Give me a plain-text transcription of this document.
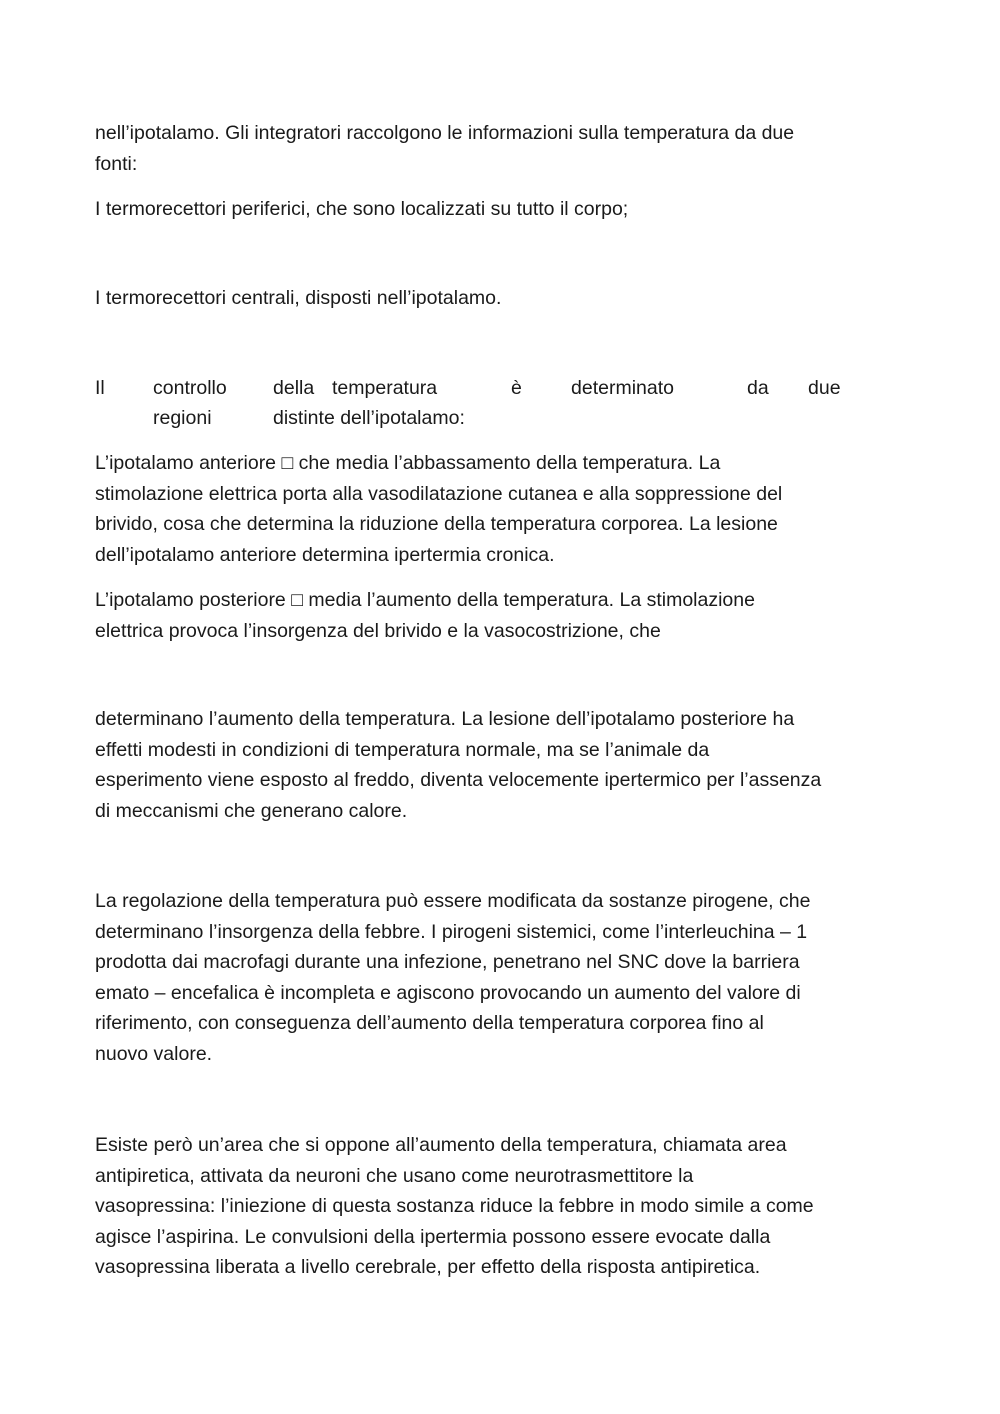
nell’ipotalamo. Gli integratori raccolgono le informazioni sulla temperatura da due
fonti:
I termorecettori periferici, che sono localizzati su tutto il corpo;
I termorecettori centrali, disposti nell’ipotalamo.
Il controllo della temperatura	è	determinato	da due
regioni	distinte dell’ipotalamo:
L’ipotalamo anteriore □ che media l’abbassamento della temperatura. La
stimolazione elettrica porta alla vasodilatazione cutanea e alla soppressione del
brivido, cosa che determina la riduzione della temperatura corporea. La lesione
dell’ipotalamo anteriore determina ipertermia cronica.
L’ipotalamo posteriore □ media l’aumento della temperatura. La stimolazione
elettrica provoca l’insorgenza del brivido e la vasocostrizione, che
determinano l’aumento della temperatura. La lesione dell’ipotalamo posteriore ha
effetti modesti in condizioni di temperatura normale, ma se l’animale da
esperimento viene esposto al freddo, diventa velocemente ipertermico per l’assenza
di meccanismi che generano calore.
La regolazione della temperatura può essere modificata da sostanze pirogene, che
determinano l’insorgenza della febbre. I pirogeni sistemici, come l’interleuchina – 1
prodotta dai macrofagi durante una infezione, penetrano nel SNC dove la barriera
emato – encefalica è incompleta e agiscono provocando un aumento del valore di
riferimento, con conseguenza dell’aumento della temperatura corporea fino al
nuovo valore.
Esiste però un’area che si oppone all’aumento della temperatura, chiamata area
antipiretica, attivata da neuroni che usano come neurotrasmettitore la
vasopressina: l’iniezione di questa sostanza riduce la febbre in modo simile a come
agisce l’aspirina. Le convulsioni della ipertermia possono essere evocate dalla
vasopressina liberata a livello cerebrale, per effetto della risposta antipiretica.
